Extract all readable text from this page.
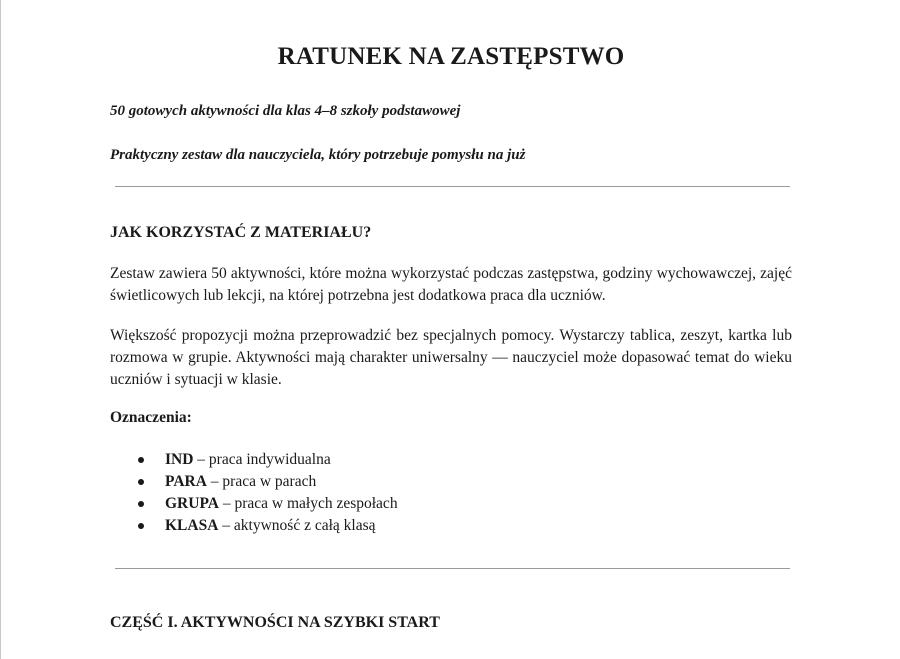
RATUNEK NA ZASTĘPSTWO

50 gotowych aktywności dla klas 4–8 szkoły podstawowej

Praktyczny zestaw dla nauczyciela, który potrzebuje pomysłu na już

JAK KORZYSTAĆ Z MATERIAŁU?

Zestaw zawiera 50 aktywności, które można wykorzystać podczas zastępstwa, godziny wychowawczej, zajęć świetlicowych lub lekcji, na której potrzebna jest dodatkowa praca dla uczniów.

Większość propozycji można przeprowadzić bez specjalnych pomocy. Wystarczy tablica, zeszyt, kartka lub rozmowa w grupie. Aktywności mają charakter uniwersalny — nauczyciel może dopasować temat do wieku uczniów i sytuacji w klasie.

Oznaczenia:

IND – praca indywidualna
PARA – praca w parach
GRUPA – praca w małych zespołach
KLASA – aktywność z całą klasą
CZĘŚĆ I. AKTYWNOŚCI NA SZYBKI START
